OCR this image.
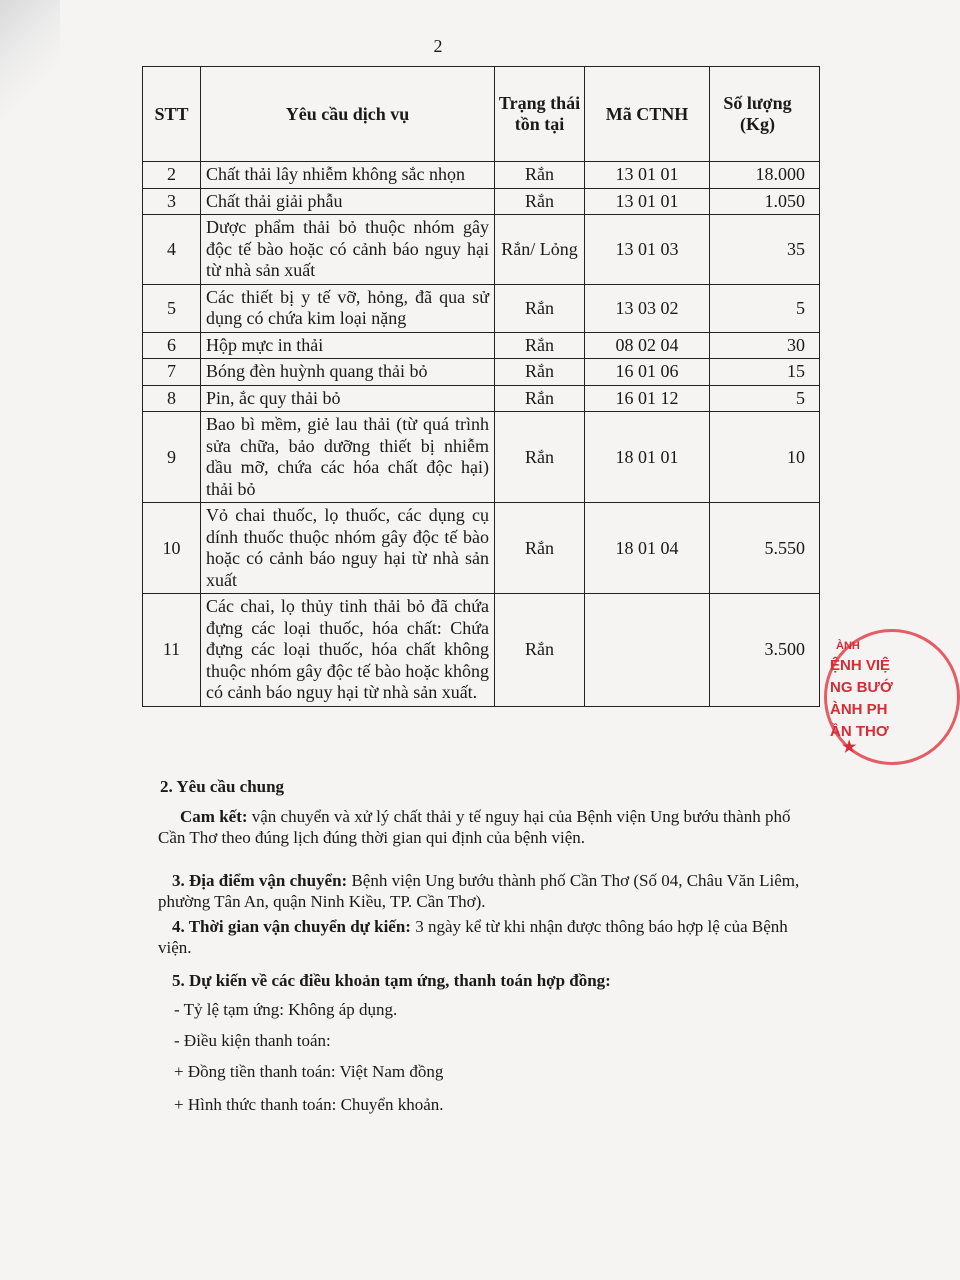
2
STT	Yêu cầu dịch vụ	Trạng thái tồn tại	Mã CTNH	Số lượng (Kg)
2	Chất thải lây nhiễm không sắc nhọn	Rắn	13 01 01	18.000
3	Chất thải giải phẫu	Rắn	13 01 01	1.050
4	Dược phẩm thải bỏ thuộc nhóm gây độc tế bào hoặc có cảnh báo nguy hại từ nhà sản xuất	Rắn/ Lỏng	13 01 03	35
5	Các thiết bị y tế vỡ, hỏng, đã qua sử dụng có chứa kim loại nặng	Rắn	13 03 02	5
6	Hộp mực in thải	Rắn	08 02 04	30
7	Bóng đèn huỳnh quang thải bỏ	Rắn	16 01 06	15
8	Pin, ắc quy thải bỏ	Rắn	16 01 12	5
9	Bao bì mềm, giẻ lau thải (từ quá trình sửa chữa, bảo dưỡng thiết bị nhiễm dầu mỡ, chứa các hóa chất độc hại) thải bỏ	Rắn	18 01 01	10
10	Vỏ chai thuốc, lọ thuốc, các dụng cụ dính thuốc thuộc nhóm gây độc tế bào hoặc có cảnh báo nguy hại từ nhà sản xuất	Rắn	18 01 04	5.550
11	Các chai, lọ thủy tinh thải bỏ đã chứa đựng các loại thuốc, hóa chất: Chứa đựng các loại thuốc, hóa chất không thuộc nhóm gây độc tế bào hoặc không có cảnh báo nguy hại từ nhà sản xuất.	Rắn		3.500
2. Yêu cầu chung
Cam kết: vận chuyển và xử lý chất thải y tế nguy hại của Bệnh viện Ung bướu thành phố Cần Thơ theo đúng lịch đúng thời gian qui định của bệnh viện.
3. Địa điểm vận chuyển: Bệnh viện Ung bướu thành phố Cần Thơ (Số 04, Châu Văn Liêm, phường Tân An, quận Ninh Kiều, TP. Cần Thơ).
4. Thời gian vận chuyển dự kiến: 3 ngày kể từ khi nhận được thông báo hợp lệ của Bệnh viện.
5. Dự kiến về các điều khoản tạm ứng, thanh toán hợp đồng:
- Tỷ lệ tạm ứng: Không áp dụng.
- Điều kiện thanh toán:
+ Đồng tiền thanh toán: Việt Nam đồng
+ Hình thức thanh toán: Chuyển khoản.
ÀNH
ỆNH VIỆ
NG BƯỚ
ÀNH PH
ẦN THƠ
★
